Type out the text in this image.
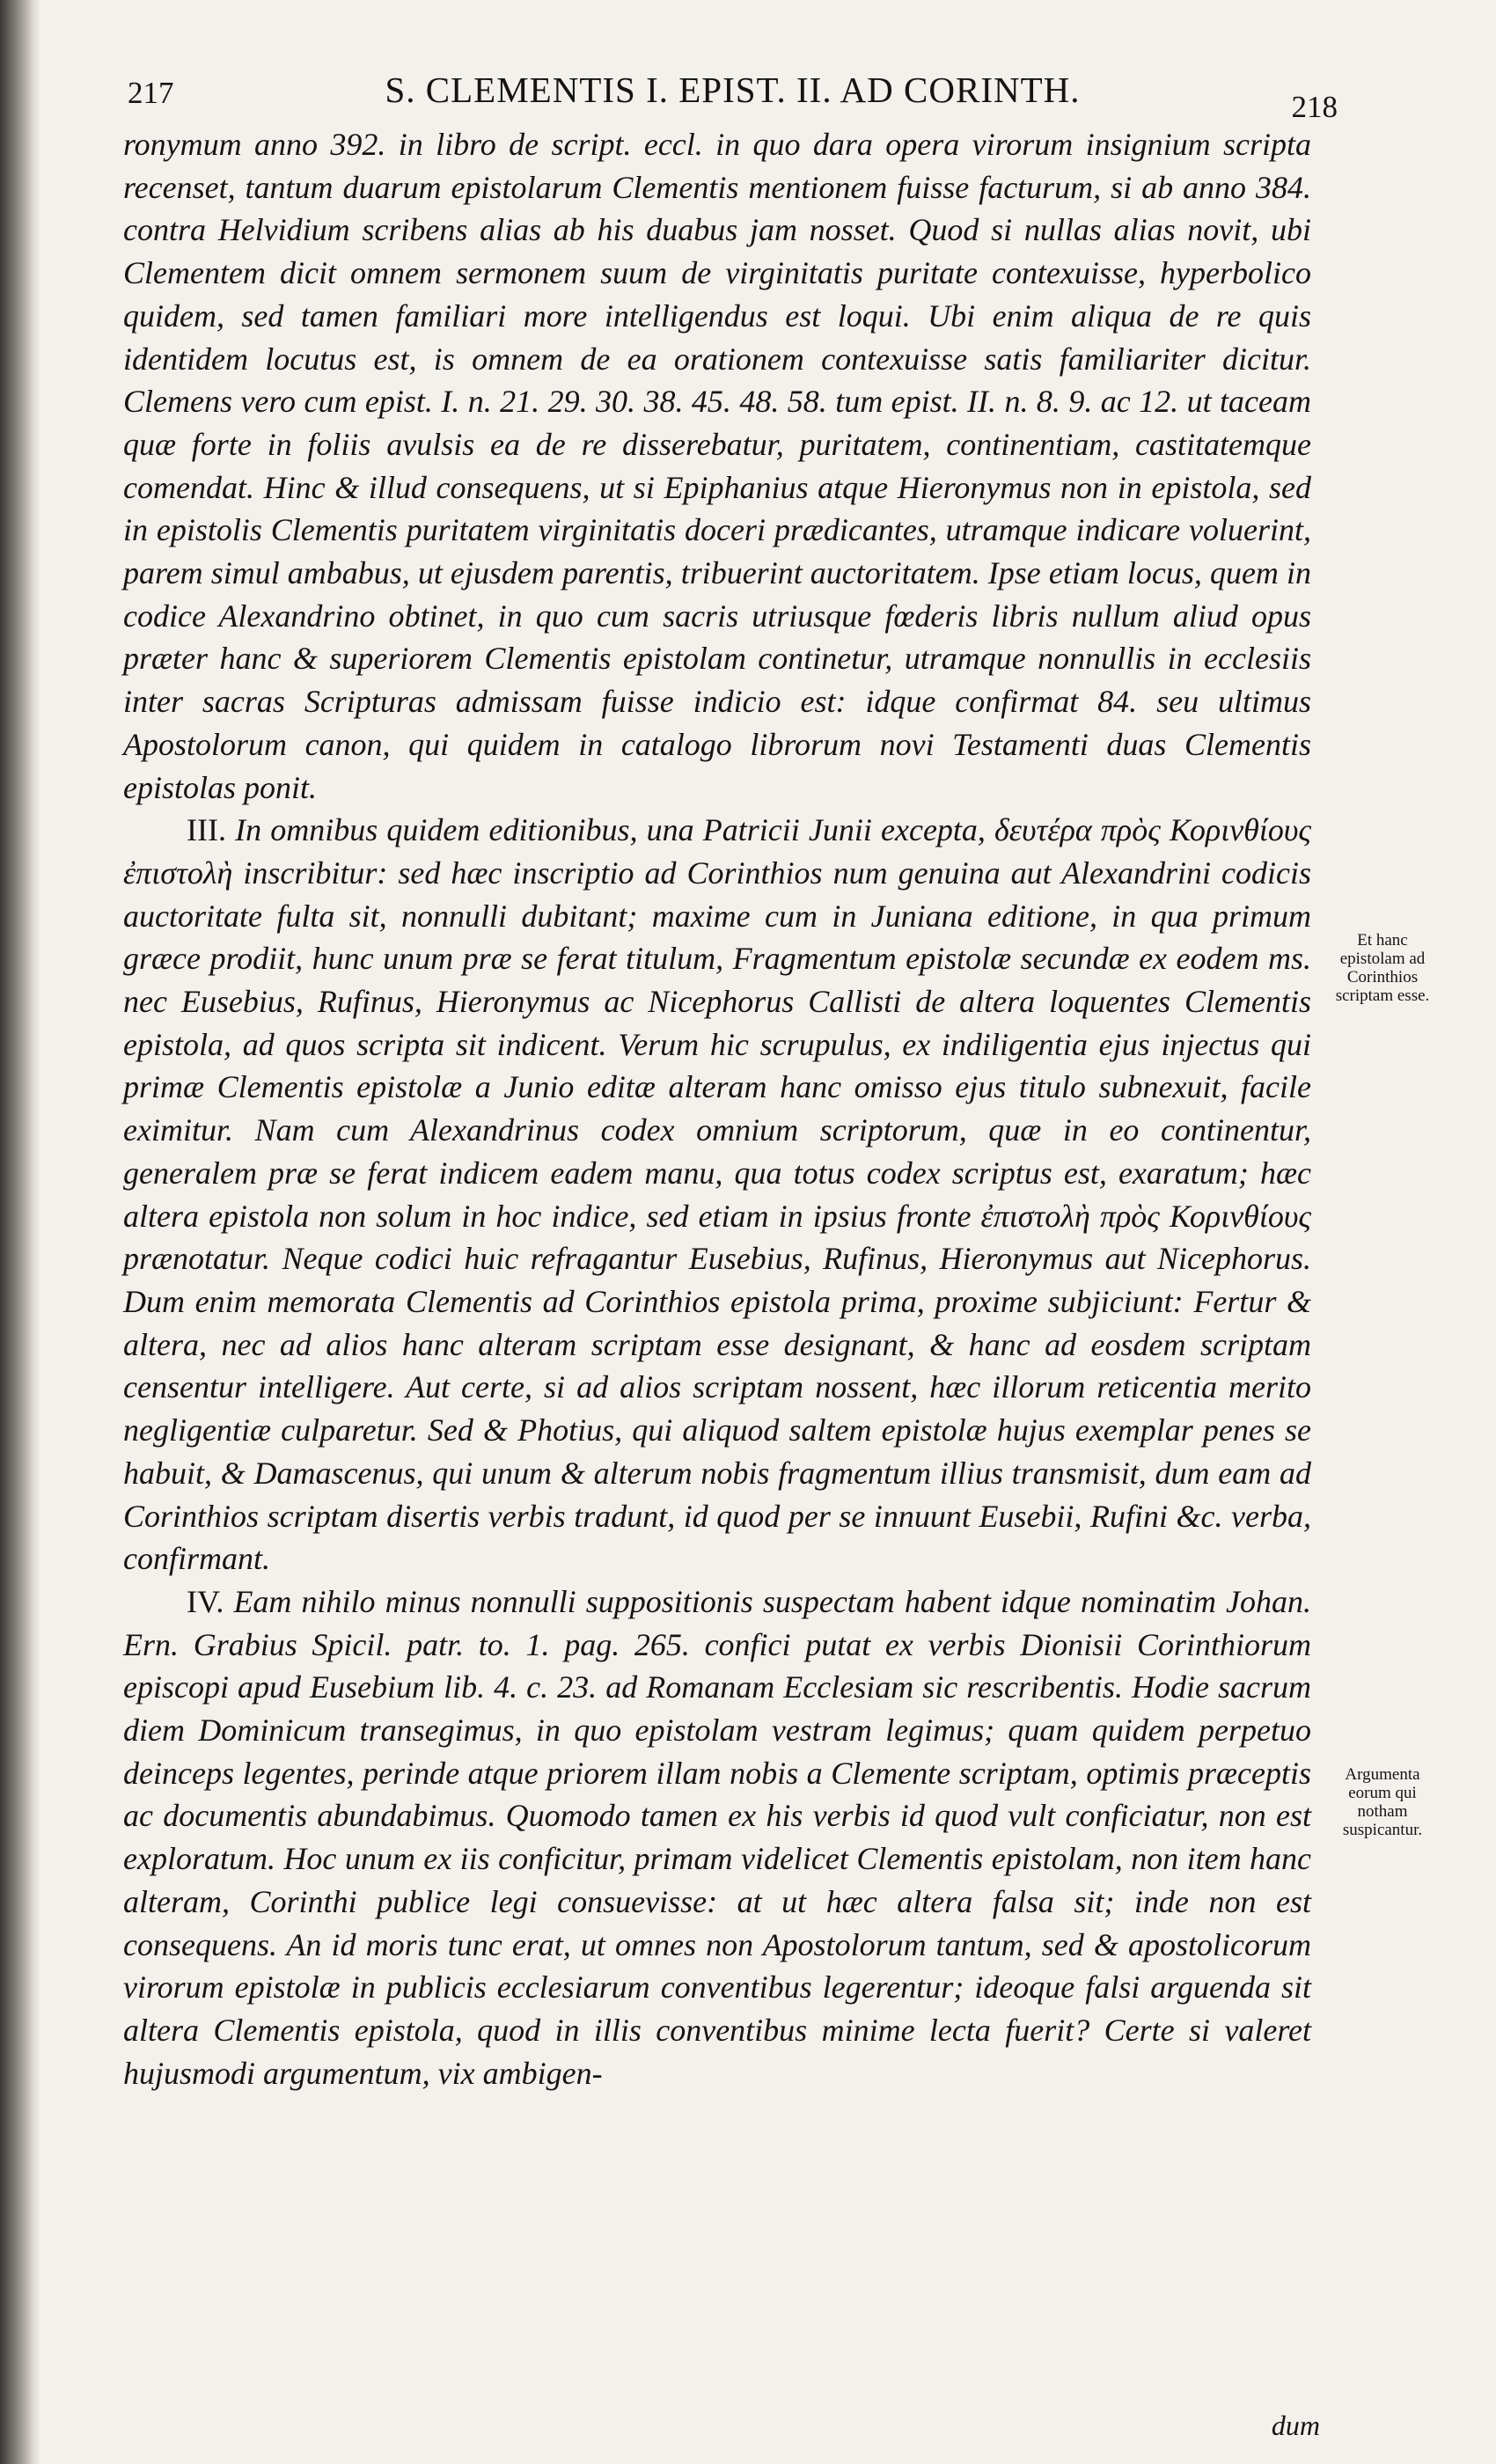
217	S. CLEMENTIS I. EPIST. II. AD CORINTH.	218

ronymum anno 392. in libro de script. eccl. in quo dara opera virorum insignium scripta recenset, tantum duarum epistolarum Clementis mentionem fuisse facturum, si ab anno 384. contra Helvidium scribens alias ab his duabus jam nosset. Quod si nullas alias novit, ubi Clementem dicit omnem sermonem suum de virginitatis puritate contexuisse, hyperbolico quidem, sed tamen familiari more intelligendus est loqui. Ubi enim aliqua de re quis identidem locutus est, is omnem de ea orationem contexuisse satis familiariter dicitur. Clemens vero cum epist. I. n. 21. 29. 30. 38. 45. 48. 58. tum epist. II. n. 8. 9. ac 12. ut taceam quæ forte in foliis avulsis ea de re disserebatur, puritatem, continentiam, castitatemque comendat. Hinc & illud consequens, ut si Epiphanius atque Hieronymus non in epistola, sed in epistolis Clementis puritatem virginitatis doceri prædicantes, utramque indicare voluerint, parem simul ambabus, ut ejusdem parentis, tribuerint auctoritatem. Ipse etiam locus, quem in codice Alexandrino obtinet, in quo cum sacris utriusque fœderis libris nullum aliud opus præter hanc & superiorem Clementis epistolam continetur, utramque nonnullis in ecclesiis inter sacras Scripturas admissam fuisse indicio est: idque confirmat 84. seu ultimus Apostolorum canon, qui quidem in catalogo librorum novi Testamenti duas Clementis epistolas ponit.

III. In omnibus quidem editionibus, una Patricii Junii excepta, δευτέρα πρὸς Κορινθίους ἐπιστολὴ inscribitur: sed hæc inscriptio ad Corinthios num genuina aut Alexandrini codicis auctoritate fulta sit, nonnulli dubitant; maxime cum in Juniana editione, in qua primum græce prodiit, hunc unum præ se ferat titulum, Fragmentum epistolæ secundæ ex eodem ms. nec Eusebius, Rufinus, Hieronymus ac Nicephorus Callisti de altera loquentes Clementis epistola, ad quos scripta sit indicent. Verum hic scrupulus, ex indiligentia ejus injectus qui primæ Clementis epistolæ a Junio editæ alteram hanc omisso ejus titulo subnexuit, facile eximitur. Nam cum Alexandrinus codex omnium scriptorum, quæ in eo continentur, generalem præ se ferat indicem eadem manu, qua totus codex scriptus est, exaratum; hæc altera epistola non solum in hoc indice, sed etiam in ipsius fronte ἐπιστολὴ πρὸς Κορινθίους prænotatur. Neque codici huic refragantur Eusebius, Rufinus, Hieronymus aut Nicephorus. Dum enim memorata Clementis ad Corinthios epistola prima, proxime subjiciunt: Fertur & altera, nec ad alios hanc alteram scriptam esse designant, & hanc ad eosdem scriptam censentur intelligere. Aut certe, si ad alios scriptam nossent, hæc illorum reticentia merito negligentiæ culparetur. Sed & Photius, qui aliquod saltem epistolæ hujus exemplar penes se habuit, & Damascenus, qui unum & alterum nobis fragmentum illius transmisit, dum eam ad Corinthios scriptam disertis verbis tradunt, id quod per se innuunt Eusebii, Rufini &c. verba, confirmant.

IV. Eam nihilo minus nonnulli suppositionis suspectam habent idque nominatim Johan. Ern. Grabius Spicil. patr. to. 1. pag. 265. confici putat ex verbis Dionisii Corinthiorum episcopi apud Eusebium lib. 4. c. 23. ad Romanam Ecclesiam sic rescribentis. Hodie sacrum diem Dominicum transegimus, in quo epistolam vestram legimus; quam quidem perpetuo deinceps legentes, perinde atque priorem illam nobis a Clemente scriptam, optimis præceptis ac documentis abundabimus. Quomodo tamen ex his verbis id quod vult conficiatur, non est exploratum. Hoc unum ex iis conficitur, primam videlicet Clementis epistolam, non item hanc alteram, Corinthi publice legi consuevisse: at ut hæc altera falsa sit; inde non est consequens. An id moris tunc erat, ut omnes non Apostolorum tantum, sed & apostolicorum virorum epistolæ in publicis ecclesiarum conventibus legerentur; ideoque falsi arguenda sit altera Clementis epistola, quod in illis conventibus minime lecta fuerit? Certe si valeret hujusmodi argumentum, vix ambigen-

dum
Et hanc epistolam ad Corinthios scriptam esse.
Argumenta eorum qui notham suspicantur.
